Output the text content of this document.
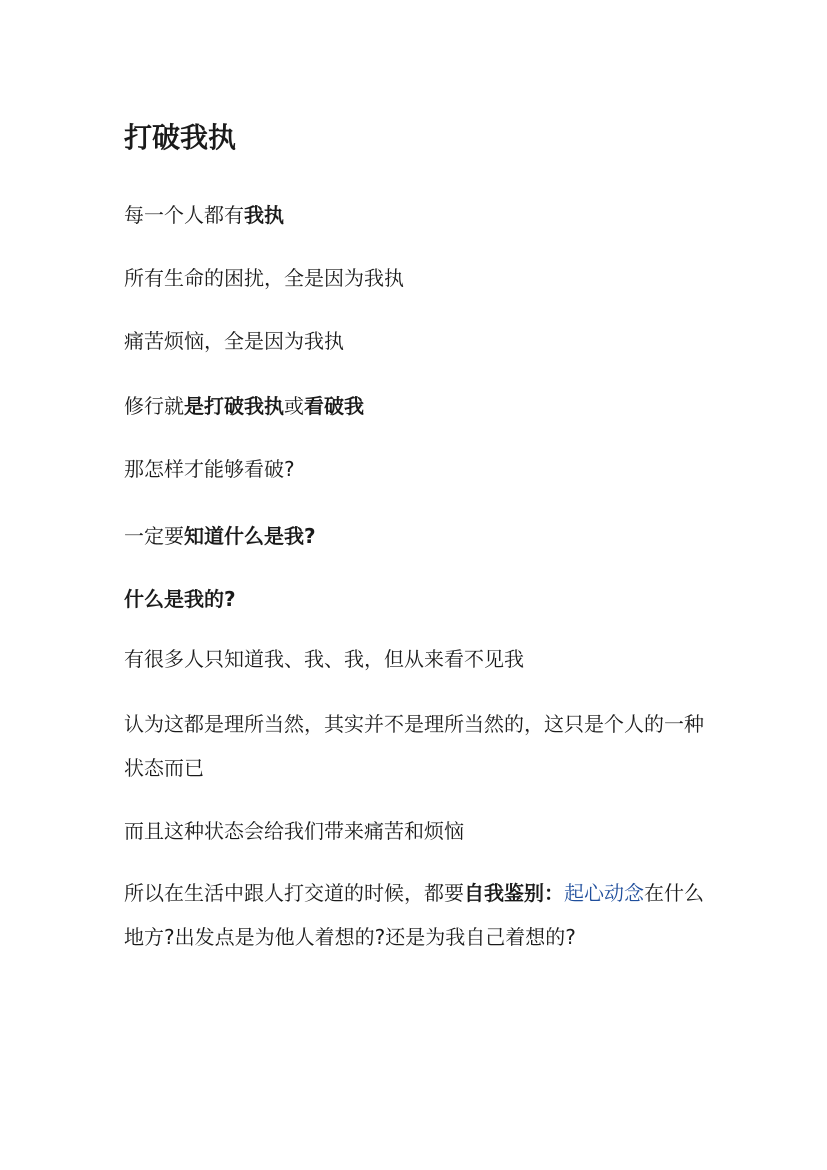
打破我执

每一个人都有我执

所有生命的困扰，全是因为我执

痛苦烦恼，全是因为我执

修行就是打破我执或看破我

那怎样才能够看破?

一定要知道什么是我?

什么是我的?

有很多人只知道我、我、我，但从来看不见我

认为这都是理所当然，其实并不是理所当然的，这只是个人的一种状态而已

而且这种状态会给我们带来痛苦和烦恼

所以在生活中跟人打交道的时候，都要自我鉴别：起心动念在什么地方?出发点是为他人着想的?还是为我自己着想的?
